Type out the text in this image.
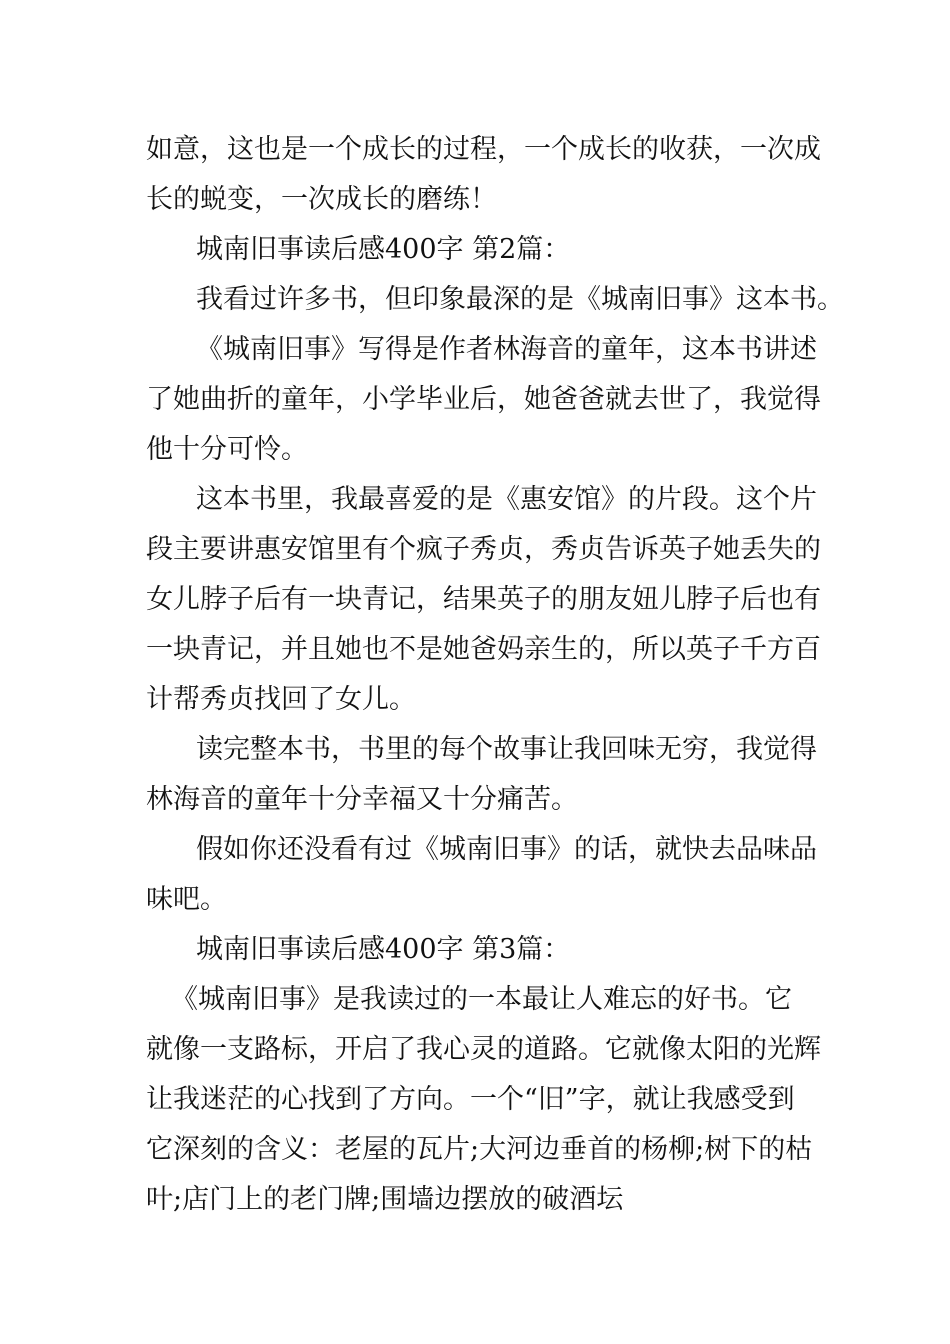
如意，这也是一个成长的过程，一个成长的收获，一次成
长的蜕变，一次成长的磨练！
城南旧事读后感400字 第2篇：
我看过许多书，但印象最深的是《城南旧事》这本书。
《城南旧事》写得是作者林海音的童年，这本书讲述
了她曲折的童年，小学毕业后，她爸爸就去世了，我觉得
他十分可怜。
这本书里，我最喜爱的是《惠安馆》的片段。这个片
段主要讲惠安馆里有个疯子秀贞，秀贞告诉英子她丢失的
女儿脖子后有一块青记，结果英子的朋友妞儿脖子后也有
一块青记，并且她也不是她爸妈亲生的，所以英子千方百
计帮秀贞找回了女儿。
读完整本书，书里的每个故事让我回味无穷，我觉得
林海音的童年十分幸福又十分痛苦。
假如你还没看有过《城南旧事》的话，就快去品味品
味吧。
城南旧事读后感400字 第3篇：
《城南旧事》是我读过的一本最让人难忘的好书。它
就像一支路标，开启了我心灵的道路。它就像太阳的光辉
让我迷茫的心找到了方向。一个“旧”字，就让我感受到
它深刻的含义：老屋的瓦片;大河边垂首的杨柳;树下的枯
叶;店门上的老门牌;围墙边摆放的破酒坛
